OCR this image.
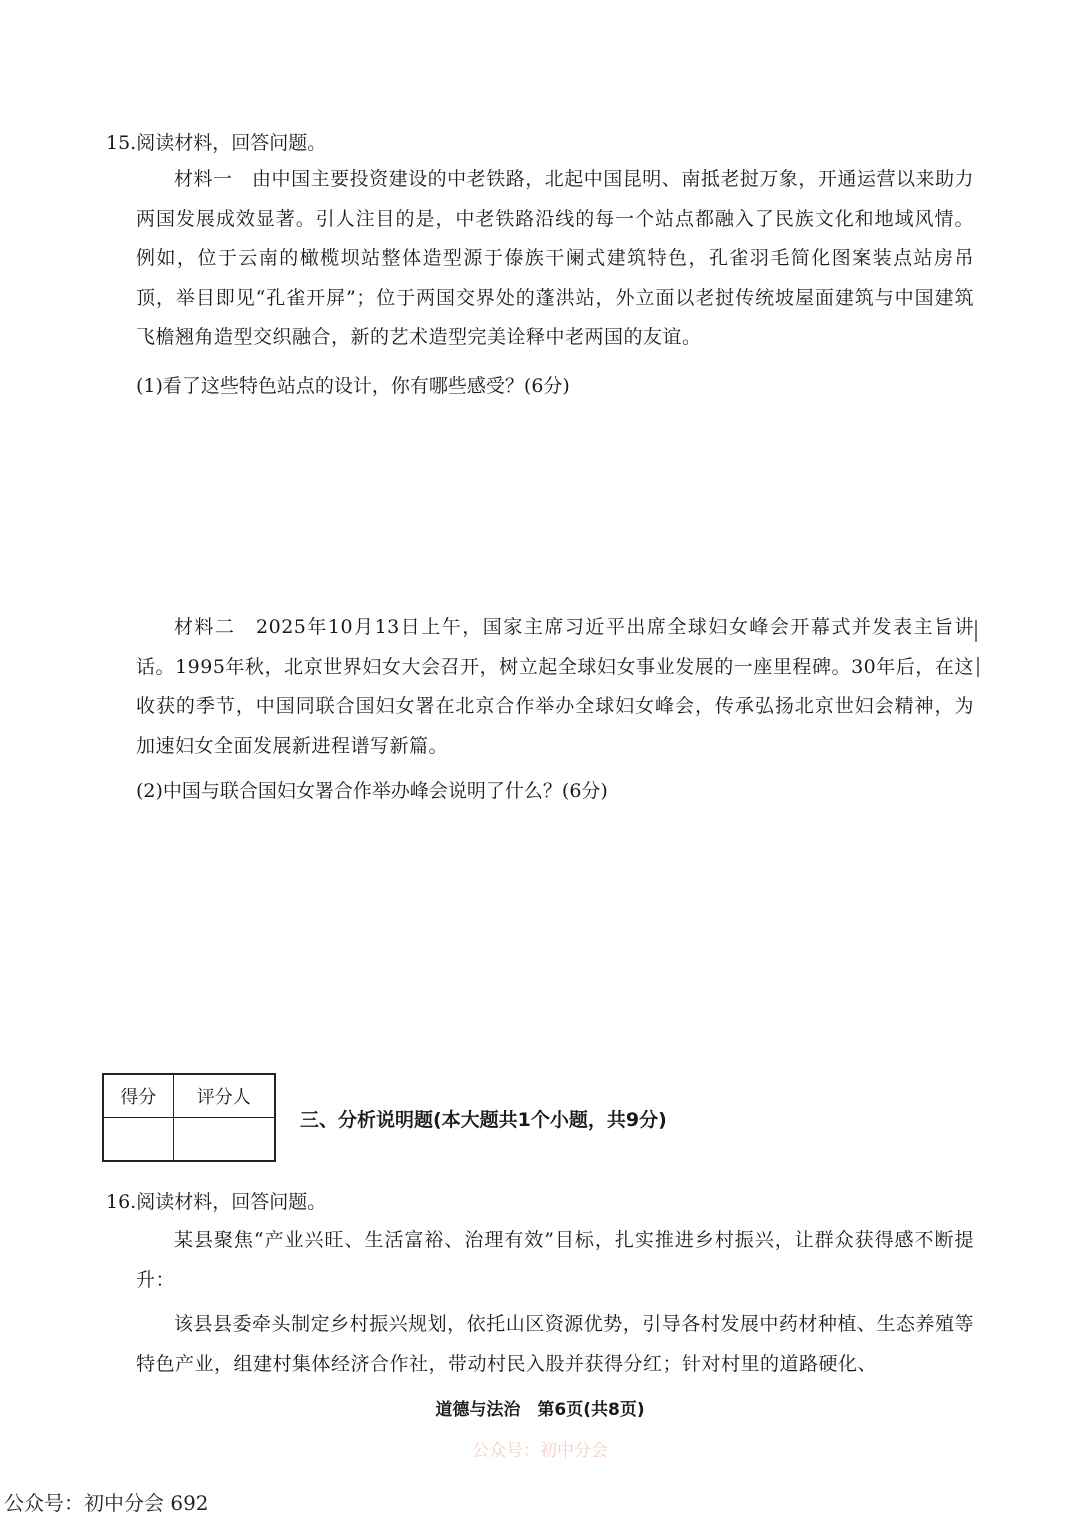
15.阅读材料，回答问题。
材料一　由中国主要投资建设的中老铁路，北起中国昆明、南抵老挝万象，开通运营以来助力两国发展成效显著。引人注目的是，中老铁路沿线的每一个站点都融入了民族文化和地域风情。例如，位于云南的橄榄坝站整体造型源于傣族干阑式建筑特色，孔雀羽毛简化图案装点站房吊顶，举目即见“孔雀开屏”；位于两国交界处的蓬洪站，外立面以老挝传统坡屋面建筑与中国建筑飞檐翘角造型交织融合，新的艺术造型完美诠释中老两国的友谊。
(1)看了这些特色站点的设计，你有哪些感受？(6分)
材料二　2025年10月13日上午，国家主席习近平出席全球妇女峰会开幕式并发表主旨讲话。1995年秋，北京世界妇女大会召开，树立起全球妇女事业发展的一座里程碑。30年后，在这收获的季节，中国同联合国妇女署在北京合作举办全球妇女峰会，传承弘扬北京世妇会精神，为加速妇女全面发展新进程谱写新篇。
(2)中国与联合国妇女署合作举办峰会说明了什么？(6分)
得分	评分人

三、分析说明题(本大题共1个小题，共9分)
16.阅读材料，回答问题。
某县聚焦“产业兴旺、生活富裕、治理有效”目标，扎实推进乡村振兴，让群众获得感不断提升：
该县县委牵头制定乡村振兴规划，依托山区资源优势，引导各村发展中药材种植、生态养殖等特色产业，组建村集体经济合作社，带动村民入股并获得分红；针对村里的道路硬化、
道德与法治　第6页(共8页)
公众号：初中分会
公众号：初中分会 692
